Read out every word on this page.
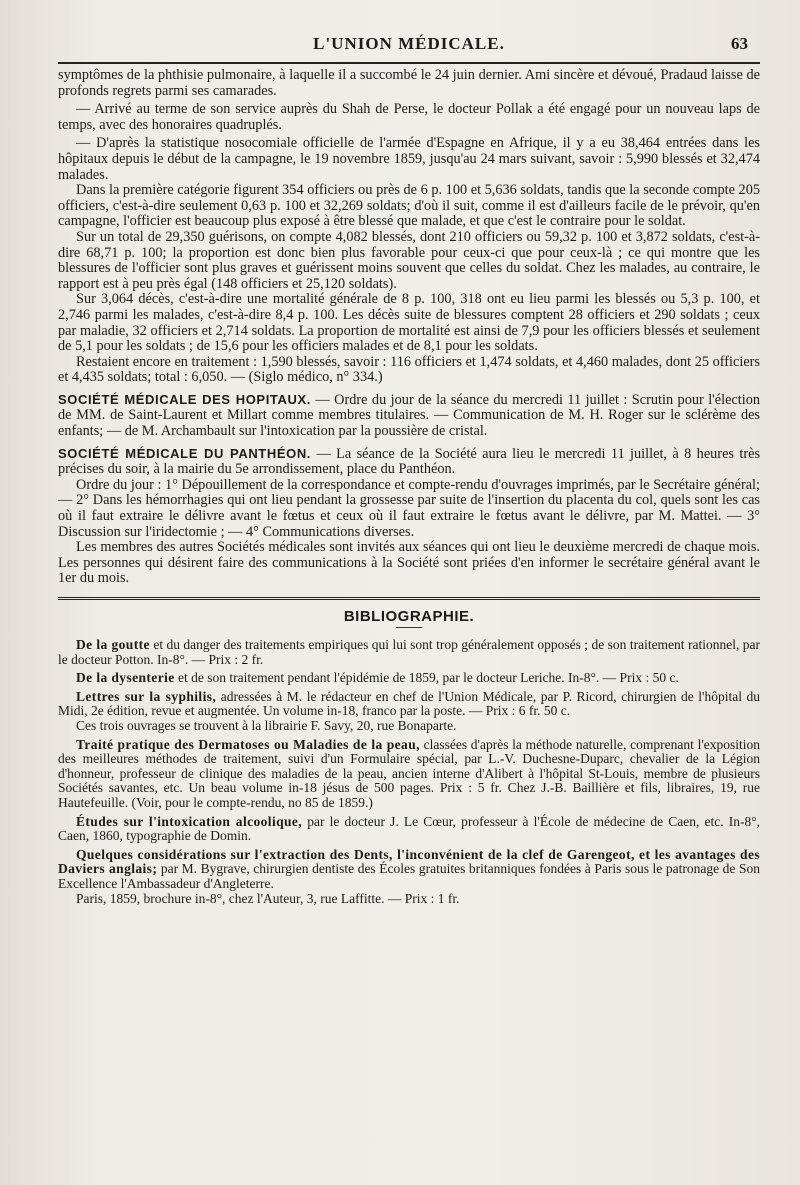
L'UNION MÉDICALE.	63

symptômes de la phthisie pulmonaire, à laquelle il a succombé le 24 juin dernier. Ami sincère et dévoué, Pradaud laisse de profonds regrets parmi ses camarades.

— Arrivé au terme de son service auprès du Shah de Perse, le docteur Pollak a été engagé pour un nouveau laps de temps, avec des honoraires quadruplés.

— D'après la statistique nosocomiale officielle de l'armée d'Espagne en Afrique, il y a eu 38,464 entrées dans les hôpitaux depuis le début de la campagne, le 19 novembre 1859, jusqu'au 24 mars suivant, savoir : 5,990 blessés et 32,474 malades.

Dans la première catégorie figurent 354 officiers ou près de 6 p. 100 et 5,636 soldats, tandis que la seconde compte 205 officiers, c'est-à-dire seulement 0,63 p. 100 et 32,269 soldats; d'où il suit, comme il est d'ailleurs facile de le prévoir, qu'en campagne, l'officier est beaucoup plus exposé à être blessé que malade, et que c'est le contraire pour le soldat.

Sur un total de 29,350 guérisons, on compte 4,082 blessés, dont 210 officiers ou 59,32 p. 100 et 3,872 soldats, c'est-à-dire 68,71 p. 100; la proportion est donc bien plus favorable pour ceux-ci que pour ceux-là ; ce qui montre que les blessures de l'officier sont plus graves et guérissent moins souvent que celles du soldat. Chez les malades, au contraire, le rapport est à peu près égal (148 officiers et 25,120 soldats).

Sur 3,064 décès, c'est-à-dire une mortalité générale de 8 p. 100, 318 ont eu lieu parmi les blessés ou 5,3 p. 100, et 2,746 parmi les malades, c'est-à-dire 8,4 p. 100. Les décès suite de blessures comptent 28 officiers et 290 soldats ; ceux par maladie, 32 officiers et 2,714 soldats. La proportion de mortalité est ainsi de 7,9 pour les officiers blessés et seulement de 5,1 pour les soldats ; de 15,6 pour les officiers malades et de 8,1 pour les soldats.

Restaient encore en traitement : 1,590 blessés, savoir : 116 officiers et 1,474 soldats, et 4,460 malades, dont 25 officiers et 4,435 soldats; total : 6,050. — (Siglo médico, n° 334.)

SOCIÉTÉ MÉDICALE DES HOPITAUX. — Ordre du jour de la séance du mercredi 11 juillet : Scrutin pour l'élection de MM. de Saint-Laurent et Millart comme membres titulaires. — Communication de M. H. Roger sur le sclérème des enfants; — de M. Archambault sur l'intoxication par la poussière de cristal.

SOCIÉTÉ MÉDICALE DU PANTHÉON. — La séance de la Société aura lieu le mercredi 11 juillet, à 8 heures très précises du soir, à la mairie du 5e arrondissement, place du Panthéon.

Ordre du jour : 1° Dépouillement de la correspondance et compte-rendu d'ouvrages imprimés, par le Secrétaire général; — 2° Dans les hémorrhagies qui ont lieu pendant la grossesse par suite de l'insertion du placenta du col, quels sont les cas où il faut extraire le délivre avant le fœtus et ceux où il faut extraire le fœtus avant le délivre, par M. Mattei. — 3° Discussion sur l'iridectomie ; — 4° Communications diverses.

Les membres des autres Sociétés médicales sont invités aux séances qui ont lieu le deuxième mercredi de chaque mois. Les personnes qui désirent faire des communications à la Société sont priées d'en informer le secrétaire général avant le 1er du mois.

BIBLIOGRAPHIE.

De la goutte et du danger des traitements empiriques qui lui sont trop généralement opposés ; de son traitement rationnel, par le docteur Potton. In-8°. — Prix : 2 fr.

De la dysenterie et de son traitement pendant l'épidémie de 1859, par le docteur Leriche. In-8°. — Prix : 50 c.

Lettres sur la syphilis, adressées à M. le rédacteur en chef de l'Union Médicale, par P. Ricord, chirurgien de l'hôpital du Midi, 2e édition, revue et augmentée. Un volume in-18, franco par la poste. — Prix : 6 fr. 50 c.

Ces trois ouvrages se trouvent à la librairie F. Savy, 20, rue Bonaparte.

Traité pratique des Dermatoses ou Maladies de la peau, classées d'après la méthode naturelle, comprenant l'exposition des meilleures méthodes de traitement, suivi d'un Formulaire spécial, par L.-V. Duchesne-Duparc, chevalier de la Légion d'honneur, professeur de clinique des maladies de la peau, ancien interne d'Alibert à l'hôpital St-Louis, membre de plusieurs Sociétés savantes, etc. Un beau volume in-18 jésus de 500 pages. Prix : 5 fr. Chez J.-B. Baillière et fils, libraires, 19, rue Hautefeuille. (Voir, pour le compte-rendu, no 85 de 1859.)

Études sur l'intoxication alcoolique, par le docteur J. Le Cœur, professeur à l'École de médecine de Caen, etc. In-8°, Caen, 1860, typographie de Domin.

Quelques considérations sur l'extraction des Dents, l'inconvénient de la clef de Garengeot, et les avantages des Daviers anglais; par M. Bygrave, chirurgien dentiste des Écoles gratuites britanniques fondées à Paris sous le patronage de Son Excellence l'Ambassadeur d'Angleterre.

Paris, 1859, brochure in-8°, chez l'Auteur, 3, rue Laffitte. — Prix : 1 fr.
